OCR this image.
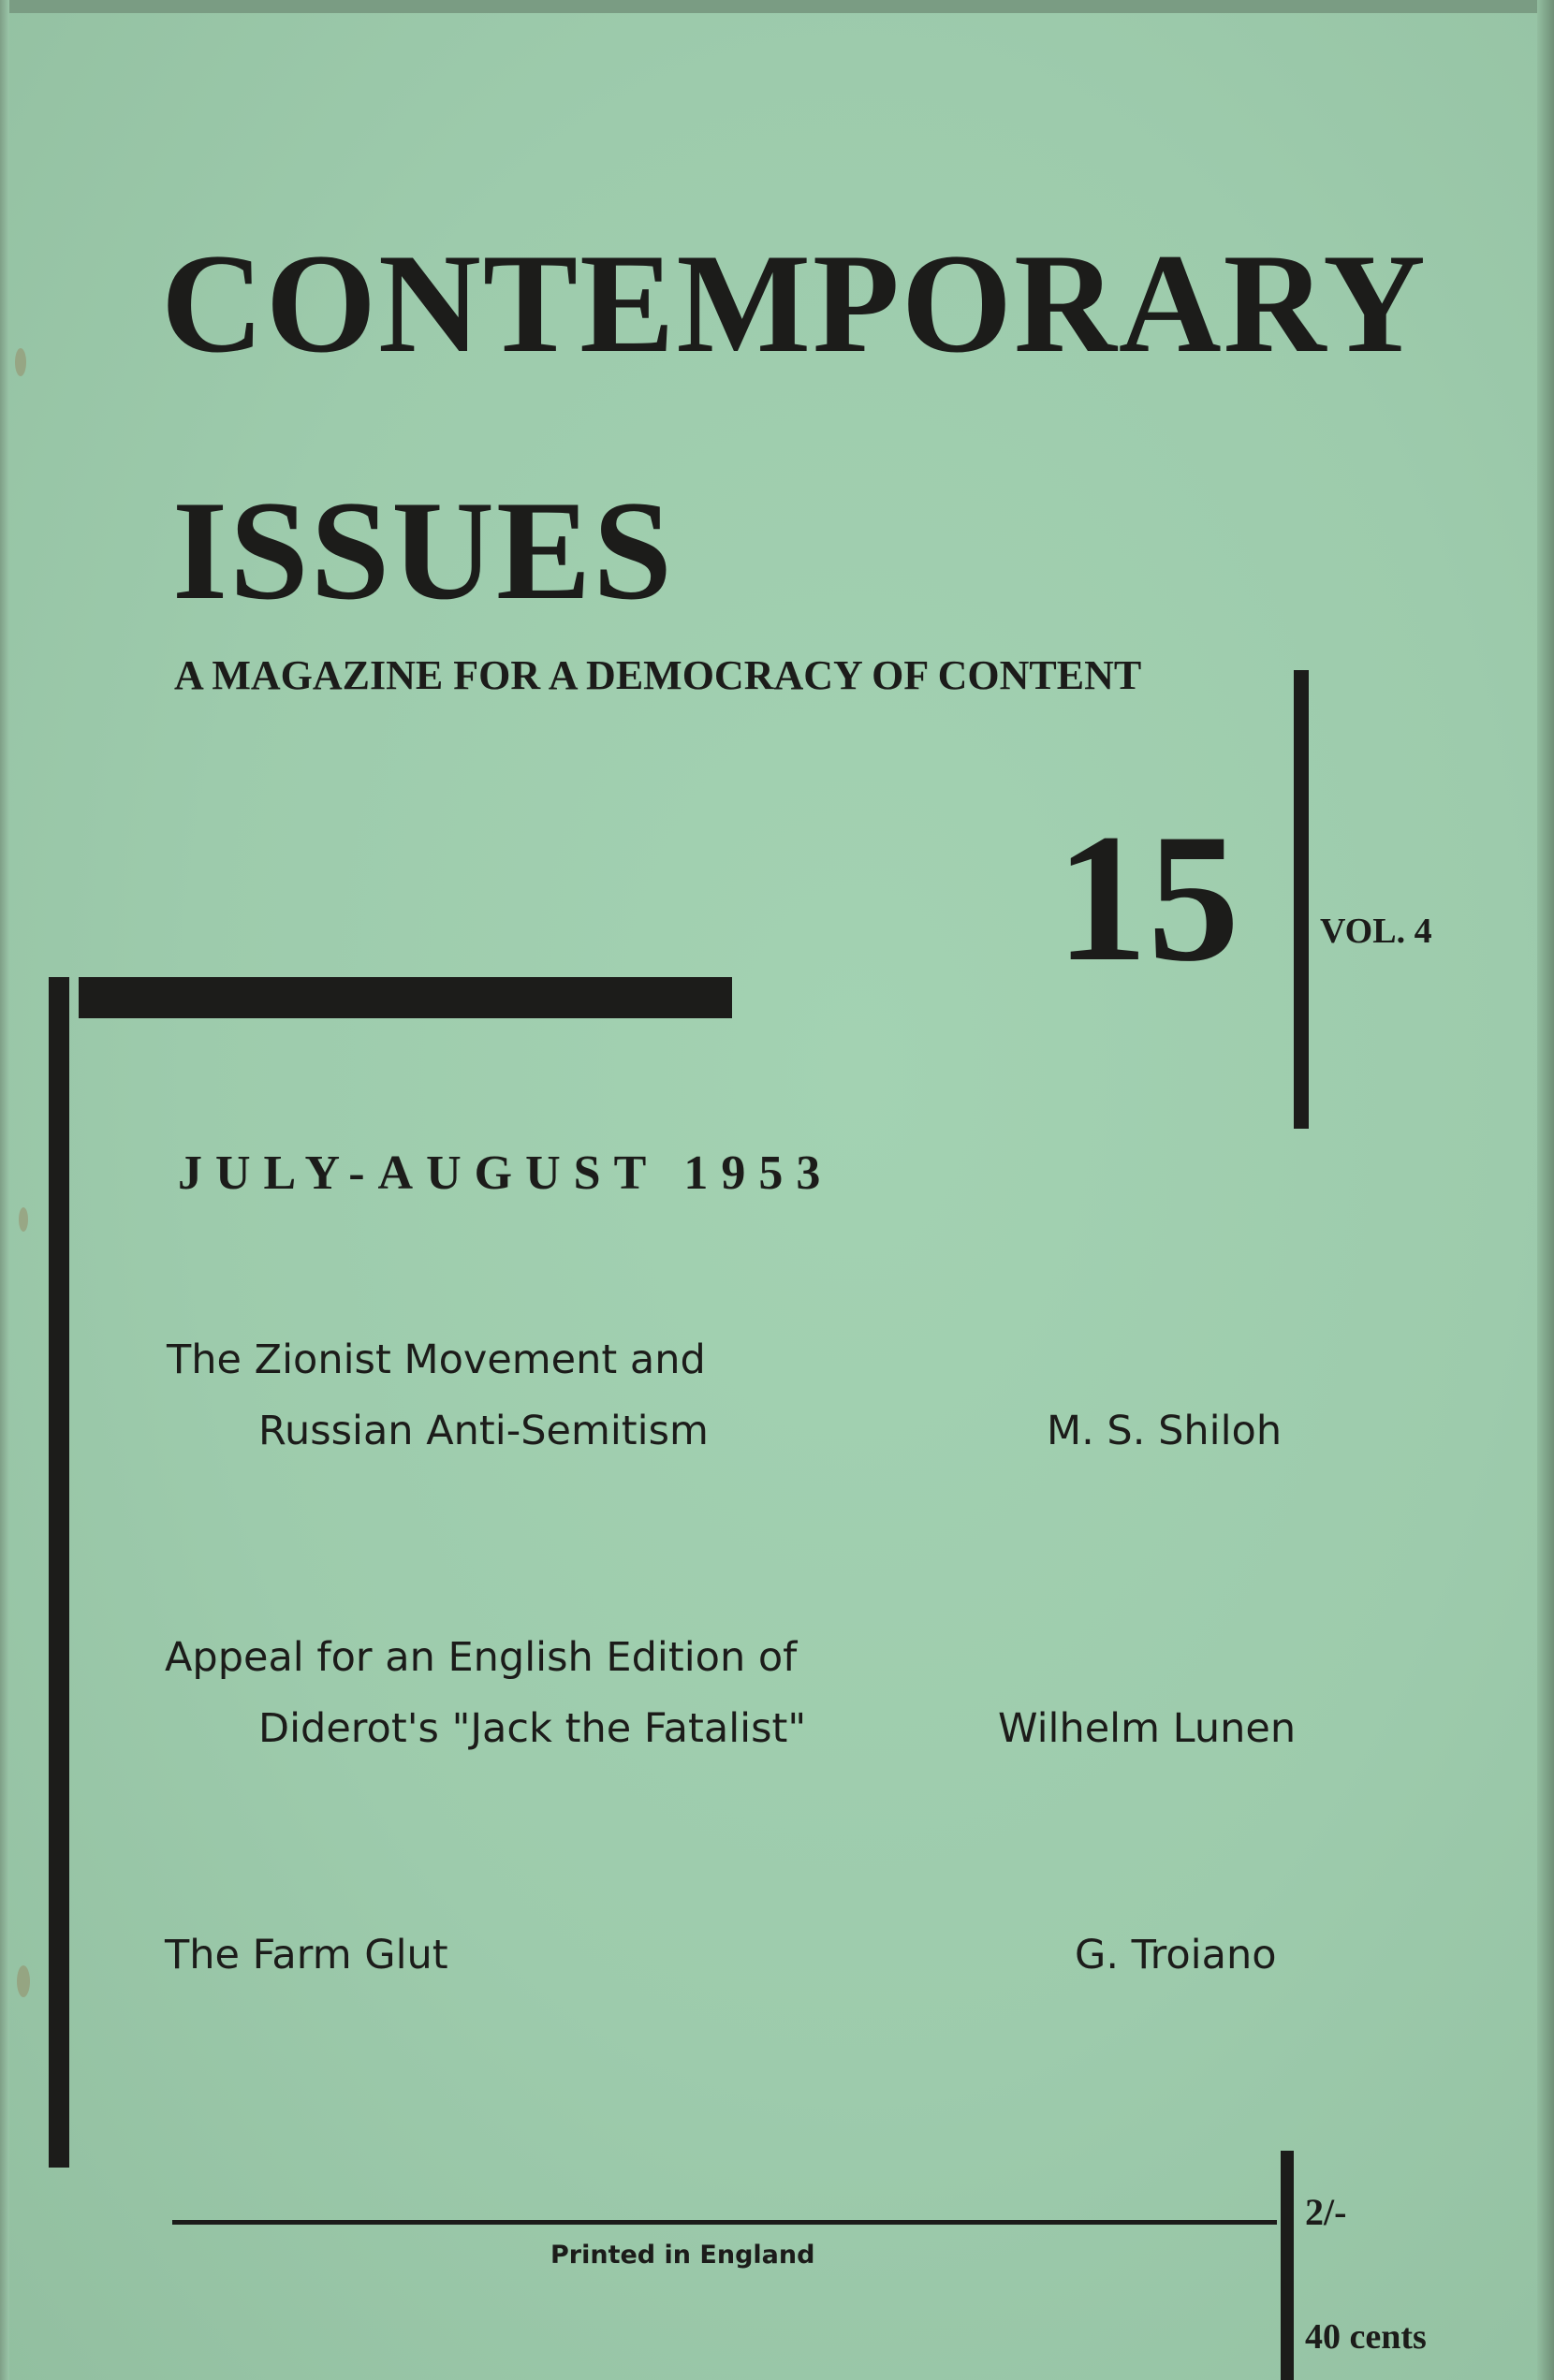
CONTEMPORARY
ISSUES
A MAGAZINE FOR A DEMOCRACY OF CONTENT
15 VOL. 4
JULY-AUGUST 1953
The Zionist Movement and
Russian Anti-Semitism	M. S. Shiloh
Appeal for an English Edition of
Diderot's "Jack the Fatalist"	Wilhelm Lunen
The Farm Glut	G. Troiano
Printed in England
2/-
40 cents
